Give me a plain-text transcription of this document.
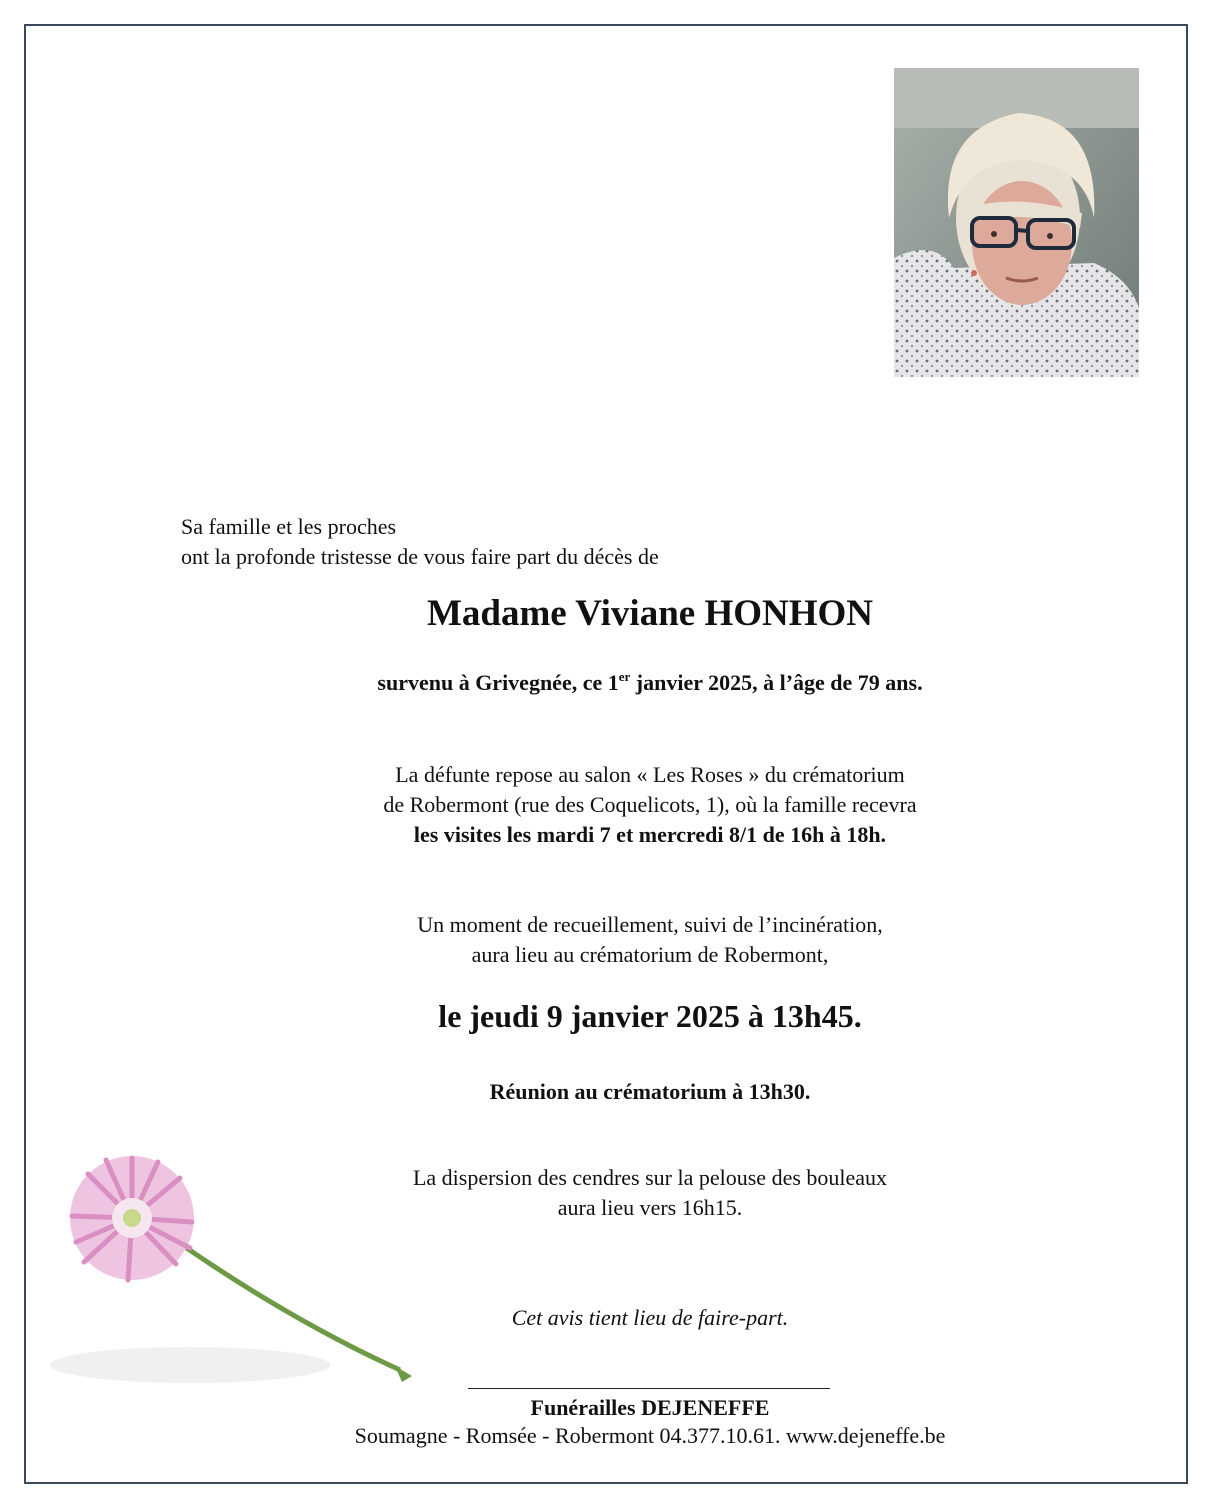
Sa famille et les proches
ont la profonde tristesse de vous faire part du décès de
Madame Viviane HONHON
survenu à Grivegnée, ce 1er janvier 2025, à l’âge de 79 ans.
La défunte repose au salon « Les Roses » du crématorium
de Robermont (rue des Coquelicots, 1), où la famille recevra
les visites les mardi 7 et mercredi 8/1 de 16h à 18h.
Un moment de recueillement, suivi de l’incinération,
aura lieu au crématorium de Robermont,
le jeudi 9 janvier 2025 à 13h45.
Réunion au crématorium à 13h30.
La dispersion des cendres sur la pelouse des bouleaux
aura lieu vers 16h15.
Cet avis tient lieu de faire-part.
Funérailles DEJENEFFE
Soumagne - Romsée - Robermont 04.377.10.61. www.dejeneffe.be
